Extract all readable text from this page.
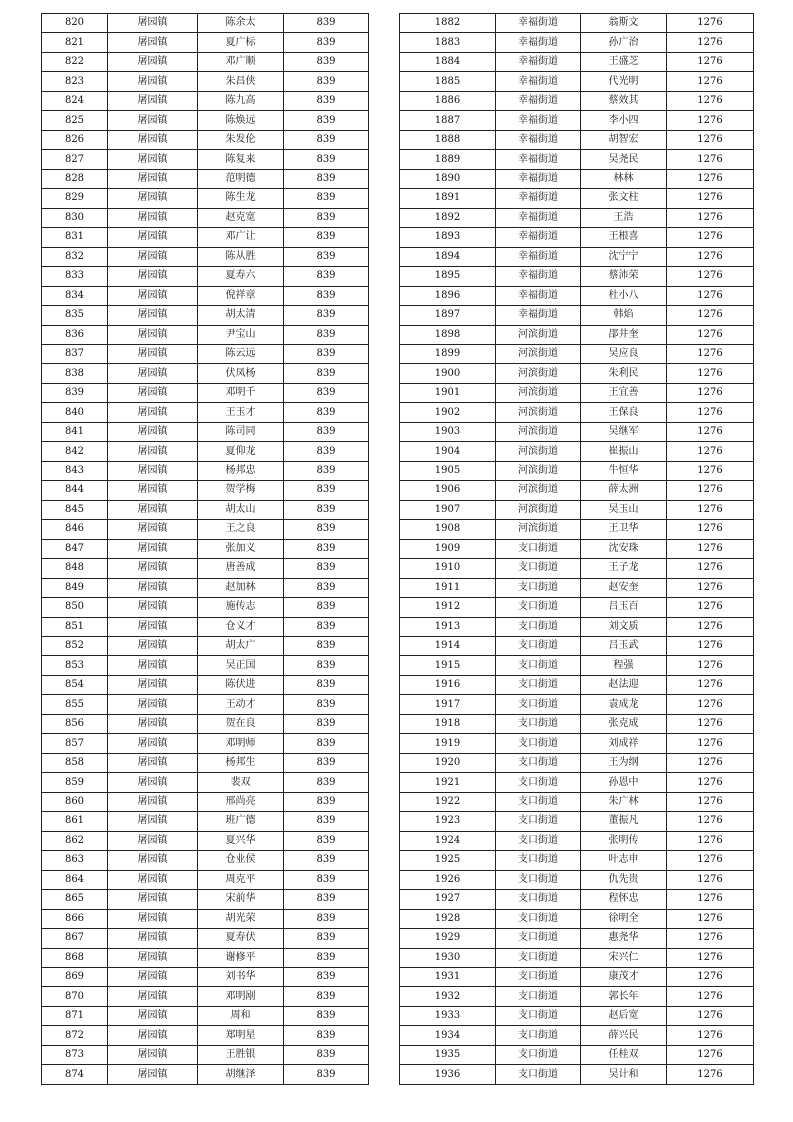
820	屠园镇	陈余太	839
821	屠园镇	夏广标	839
822	屠园镇	邓广顺	839
823	屠园镇	朱昌侠	839
824	屠园镇	陈九高	839
825	屠园镇	陈焕远	839
826	屠园镇	朱发伦	839
827	屠园镇	陈复来	839
828	屠园镇	范明德	839
829	屠园镇	陈生龙	839
830	屠园镇	赵克宽	839
831	屠园镇	邓广让	839
832	屠园镇	陈从胜	839
833	屠园镇	夏寿六	839
834	屠园镇	倪祥章	839
835	屠园镇	胡太清	839
836	屠园镇	尹宝山	839
837	屠园镇	陈云远	839
838	屠园镇	伏凤杨	839
839	屠园镇	邓明千	839
840	屠园镇	王玉才	839
841	屠园镇	陈司同	839
842	屠园镇	夏仰龙	839
843	屠园镇	杨邦忠	839
844	屠园镇	贺学梅	839
845	屠园镇	胡太山	839
846	屠园镇	王之良	839
847	屠园镇	张加义	839
848	屠园镇	唐善成	839
849	屠园镇	赵加林	839
850	屠园镇	施传志	839
851	屠园镇	仓义才	839
852	屠园镇	胡太广	839
853	屠园镇	吴正国	839
854	屠园镇	陈伏进	839
855	屠园镇	王动才	839
856	屠园镇	贺在良	839
857	屠园镇	邓明师	839
858	屠园镇	杨邦生	839
859	屠园镇	裴双	839
860	屠园镇	邢尚亮	839
861	屠园镇	班广德	839
862	屠园镇	夏兴华	839
863	屠园镇	仓业侯	839
864	屠园镇	周克平	839
865	屠园镇	宋前华	839
866	屠园镇	胡光荣	839
867	屠园镇	夏寿伏	839
868	屠园镇	谢修平	839
869	屠园镇	刘书华	839
870	屠园镇	邓明剐	839
871	屠园镇	周和	839
872	屠园镇	郑明星	839
873	屠园镇	王胜银	839
874	屠园镇	胡继泽	839
1882	幸福街道	翁斯文	1276
1883	幸福街道	孙广治	1276
1884	幸福街道	王盛芝	1276
1885	幸福街道	代光明	1276
1886	幸福街道	蔡效其	1276
1887	幸福街道	李小四	1276
1888	幸福街道	胡智宏	1276
1889	幸福街道	吴尧民	1276
1890	幸福街道	林林	1276
1891	幸福街道	张文柱	1276
1892	幸福街道	王浩	1276
1893	幸福街道	王根喜	1276
1894	幸福街道	沈宁宁	1276
1895	幸福街道	蔡沛荣	1276
1896	幸福街道	杜小八	1276
1897	幸福街道	韩焰	1276
1898	河滨街道	郘井奎	1276
1899	河滨街道	吴应良	1276
1900	河滨街道	朱利民	1276
1901	河滨街道	王宜善	1276
1902	河滨街道	王保良	1276
1903	河滨街道	吴继军	1276
1904	河滨街道	崔振山	1276
1905	河滨街道	牛恒华	1276
1906	河滨街道	薛太洲	1276
1907	河滨街道	吴玉山	1276
1908	河滨街道	王卫华	1276
1909	支口街道	沈安珠	1276
1910	支口街道	王子龙	1276
1911	支口街道	赵安奎	1276
1912	支口街道	吕玉百	1276
1913	支口街道	刘文质	1276
1914	支口街道	吕玉武	1276
1915	支口街道	程强	1276
1916	支口街道	赵法迎	1276
1917	支口街道	袁成龙	1276
1918	支口街道	张克成	1276
1919	支口街道	刘成祥	1276
1920	支口街道	王为纲	1276
1921	支口街道	孙恩中	1276
1922	支口街道	朱广林	1276
1923	支口街道	董振凡	1276
1924	支口街道	张明传	1276
1925	支口街道	叶志申	1276
1926	支口街道	仇先贵	1276
1927	支口街道	程怀忠	1276
1928	支口街道	徐明全	1276
1929	支口街道	惠尧华	1276
1930	支口街道	宋兴仁	1276
1931	支口街道	康茂才	1276
1932	支口街道	郭长年	1276
1933	支口街道	赵后宽	1276
1934	支口街道	薛兴民	1276
1935	支口街道	任桂双	1276
1936	支口街道	吴计和	1276
